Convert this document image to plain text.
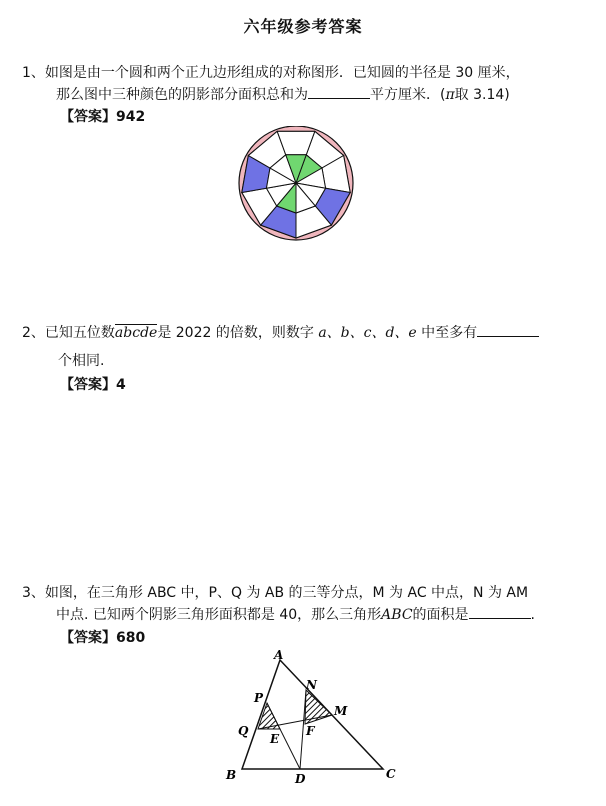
六年级参考答案
1、如图是由一个圆和两个正九边形组成的对称图形．已知圆的半径是 30 厘米，
那么图中三种颜色的阴影部分面积总和为	平方厘米．(π取 3.14)
【答案】942
2、已知五位数abcde是 2022 的倍数，则数字 a、b、c、d、e 中至多有
个相同.
【答案】4
3、如图，在三角形 ABC 中，P、Q 为 AB 的三等分点，M 为 AC 中点，N 为 AM
中点. 已知两个阴影三角形面积都是 40，那么三角形ABC的面积是	.
【答案】680
A
B	C
D
E
F
P
Q
M
N
